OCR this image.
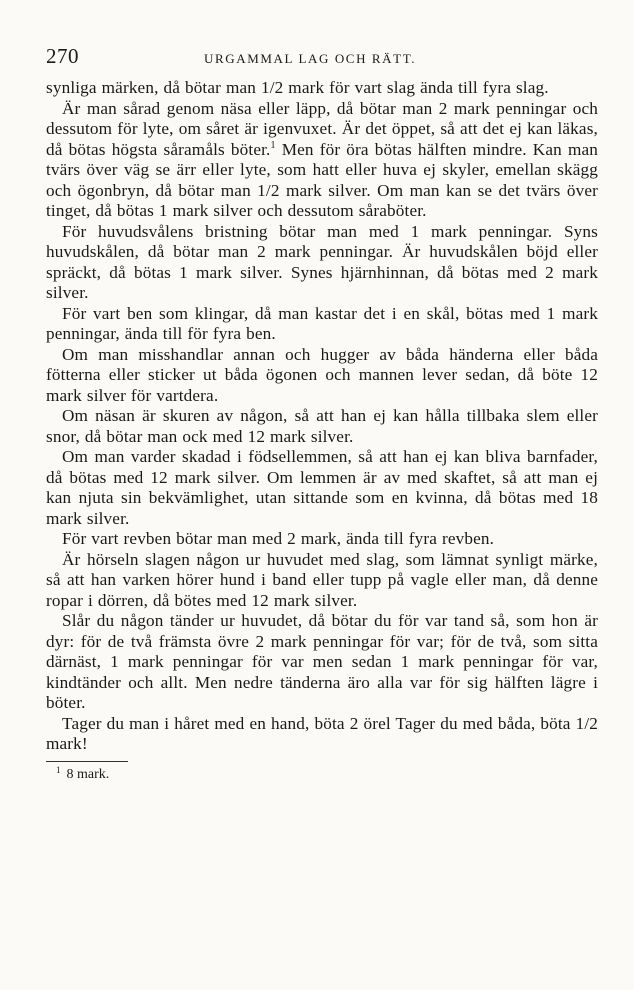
270	URGAMMAL LAG OCH RÄTT.

synliga märken, då bötar man 1/2 mark för vart slag ända till fyra slag.

Är man sårad genom näsa eller läpp, då bötar man 2 mark penningar och dessutom för lyte, om såret är igenvuxet. Är det öppet, så att det ej kan läkas, då bötas högsta såramåls böter.$^1$ Men för öra bötas hälften mindre. Kan man tvärs över väg se ärr eller lyte, som hatt eller huva ej skyler, emellan skägg och ögonbryn, då bötar man 1/2 mark silver. Om man kan se det tvärs över tinget, då bötas 1 mark silver och dessutom såraböter.

För huvudsvålens bristning bötar man med 1 mark penningar. Syns huvudskålen, då bötar man 2 mark penningar. Är huvudskålen böjd eller spräckt, då bötas 1 mark silver. Synes hjärnhinnan, då bötas med 2 mark silver.

För vart ben som klingar, då man kastar det i en skål, bötas med 1 mark penningar, ända till för fyra ben.

Om man misshandlar annan och hugger av båda händerna eller båda fötterna eller sticker ut båda ögonen och mannen lever sedan, då böte 12 mark silver för vartdera.

Om näsan är skuren av någon, så att han ej kan hålla tillbaka slem eller snor, då bötar man ock med 12 mark silver.

Om man varder skadad i födsellemmen, så att han ej kan bliva barnfader, då bötas med 12 mark silver. Om lemmen är av med skaftet, så att man ej kan njuta sin bekvämlighet, utan sittande som en kvinna, då bötas med 18 mark silver.

För vart revben bötar man med 2 mark, ända till fyra revben.

Är hörseln slagen någon ur huvudet med slag, som lämnat synligt märke, så att han varken hörer hund i band eller tupp på vagle eller man, då denne ropar i dörren, då bötes med 12 mark silver.

Slår du någon tänder ur huvudet, då bötar du för var tand så, som hon är dyr: för de två främsta övre 2 mark penningar för var; för de två, som sitta därnäst, 1 mark penningar för var men sedan 1 mark penningar för var, kindtänder och allt. Men nedre tänderna äro alla var för sig hälften lägre i böter.

Tager du man i håret med en hand, böta 2 örel Tager du med båda, böta 1/2 mark!

$^1$ 8 mark.
